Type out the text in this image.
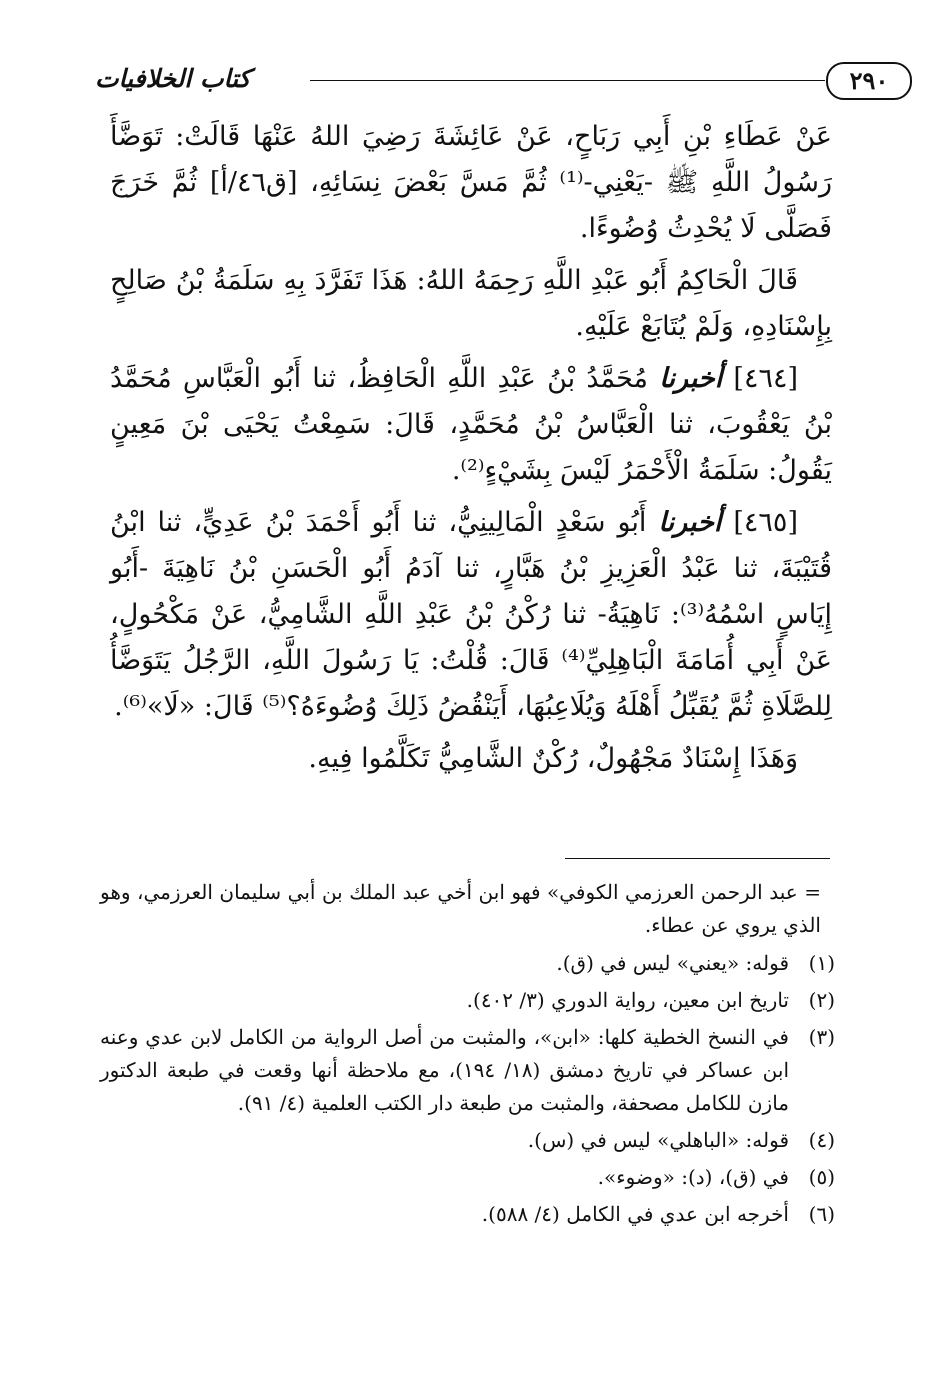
كتاب الخلافيات	٢٩٠

عَنْ عَطَاءِ بْنِ أَبِي رَبَاحٍ، عَنْ عَائِشَةَ رَضِيَ اللهُ عَنْهَا قَالَتْ: تَوَضَّأَ رَسُولُ اللَّهِ ﷺ -يَعْنِي-⁽¹⁾ ثُمَّ مَسَّ بَعْضَ نِسَائِهِ، [ق٤٦/أ] ثُمَّ خَرَجَ فَصَلَّى لَا يُحْدِثُ وُضُوءًا.

قَالَ الْحَاكِمُ أَبُو عَبْدِ اللَّهِ رَحِمَهُ اللهُ: هَذَا تَفَرَّدَ بِهِ سَلَمَةُ بْنُ صَالِحٍ بِإِسْنَادِهِ، وَلَمْ يُتَابَعْ عَلَيْهِ.

[٤٦٤] أخبرنا مُحَمَّدُ بْنُ عَبْدِ اللَّهِ الْحَافِظُ، ثنا أَبُو الْعَبَّاسِ مُحَمَّدُ بْنُ يَعْقُوبَ، ثنا الْعَبَّاسُ بْنُ مُحَمَّدٍ، قَالَ: سَمِعْتُ يَحْيَى بْنَ مَعِينٍ يَقُولُ: سَلَمَةُ الْأَحْمَرُ لَيْسَ بِشَيْءٍ⁽²⁾.

[٤٦٥] أخبرنا أَبُو سَعْدٍ الْمَالِينِيُّ، ثنا أَبُو أَحْمَدَ بْنُ عَدِيٍّ، ثنا ابْنُ قُتَيْبَةَ، ثنا عَبْدُ الْعَزِيزِ بْنُ هَبَّارٍ، ثنا آدَمُ أَبُو الْحَسَنِ بْنُ نَاهِيَةَ -أَبُو إِيَاسٍ اسْمُهُ⁽³⁾: نَاهِيَةُ- ثنا رُكْنُ بْنُ عَبْدِ اللَّهِ الشَّامِيُّ، عَنْ مَكْحُولٍ، عَنْ أَبِي أُمَامَةَ الْبَاهِلِيِّ⁽⁴⁾ قَالَ: قُلْتُ: يَا رَسُولَ اللَّهِ، الرَّجُلُ يَتَوَضَّأُ لِلصَّلَاةِ ثُمَّ يُقَبِّلُ أَهْلَهُ وَيُلَاعِبُهَا، أَيَنْقُضُ ذَلِكَ وُضُوءَهُ؟⁽⁵⁾ قَالَ: «لَا»⁽⁶⁾.

وَهَذَا إِسْنَادٌ مَجْهُولٌ، رُكْنٌ الشَّامِيُّ تَكَلَّمُوا فِيهِ.

= عبد الرحمن العرزمي الكوفي» فهو ابن أخي عبد الملك بن أبي سليمان العرزمي، وهو الذي يروي عن عطاء.
(١)
قوله: «يعني» ليس في (ق).
(٢)
تاريخ ابن معين، رواية الدوري (٣/ ٤٠٢).
(٣)
في النسخ الخطية كلها: «ابن»، والمثبت من أصل الرواية من الكامل لابن عدي وعنه ابن عساكر في تاريخ دمشق (١٨/ ١٩٤)، مع ملاحظة أنها وقعت في طبعة الدكتور مازن للكامل مصحفة، والمثبت من طبعة دار الكتب العلمية (٤/ ٩١).
(٤)
قوله: «الباهلي» ليس في (س).
(٥)
في (ق)، (د): «وضوء».
(٦)
أخرجه ابن عدي في الكامل (٤/ ٥٨٨).
